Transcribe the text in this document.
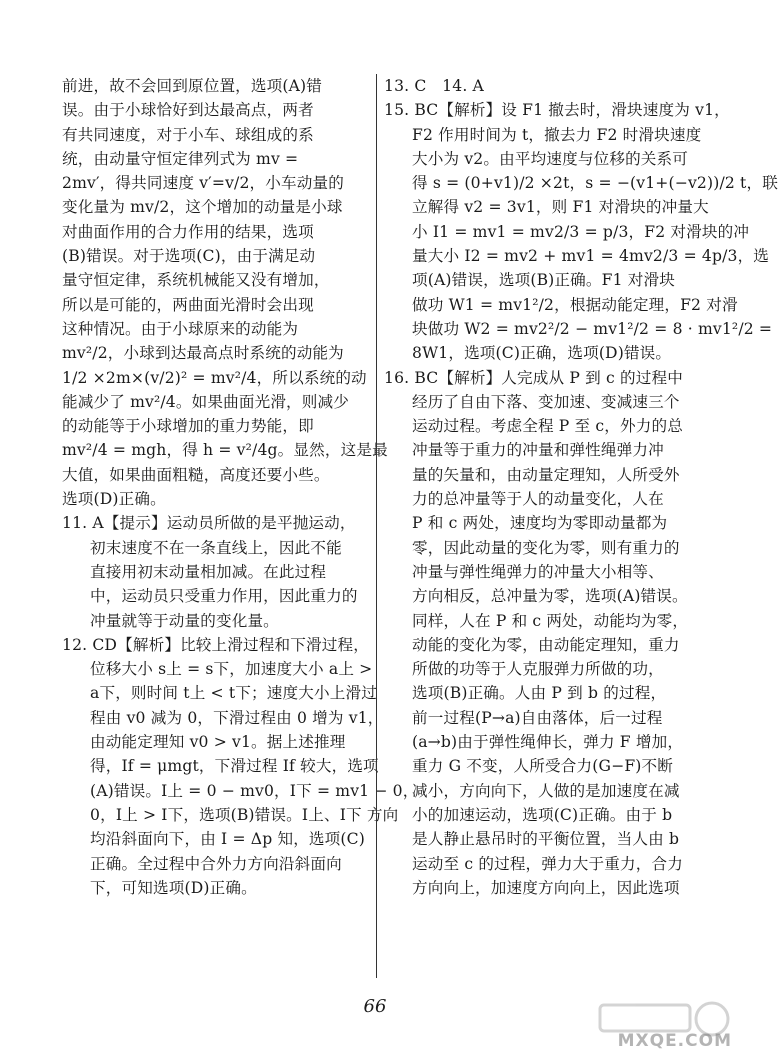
前进，故不会回到原位置，选项(A)错
误。由于小球恰好到达最高点，两者
有共同速度，对于小车、球组成的系
统，由动量守恒定律列式为 mv =
2mv′，得共同速度 v′=v/2，小车动量的
变化量为 mv/2，这个增加的动量是小球
对曲面作用的合力作用的结果，选项
(B)错误。对于选项(C)，由于满足动
量守恒定律，系统机械能又没有增加，
所以是可能的，两曲面光滑时会出现
这种情况。由于小球原来的动能为
mv²/2，小球到达最高点时系统的动能为
1/2 ×2m×(v/2)² = mv²/4，所以系统的动
能减少了 mv²/4。如果曲面光滑，则减少
的动能等于小球增加的重力势能，即
mv²/4 = mgh，得 h = v²/4g。显然，这是最
大值，如果曲面粗糙，高度还要小些。
选项(D)正确。
11. A【提示】运动员所做的是平抛运动，
初末速度不在一条直线上，因此不能
直接用初末动量相加减。在此过程
中，运动员只受重力作用，因此重力的
冲量就等于动量的变化量。
12. CD【解析】比较上滑过程和下滑过程，
位移大小 s上 = s下，加速度大小 a上 >
a下，则时间 t上 < t下；速度大小上滑过
程由 v0 减为 0，下滑过程由 0 增为 v1，
由动能定理知 v0 > v1。据上述推理
得，If = μmgt，下滑过程 If 较大，选项
(A)错误。I上 = 0 − mv0，I下 = mv1 − 0，
0，I上 > I下，选项(B)错误。I上、I下 方向
均沿斜面向下，由 I = Δp 知，选项(C)
正确。全过程中合外力方向沿斜面向
下，可知选项(D)正确。
13. C　14. A
15. BC【解析】设 F1 撤去时，滑块速度为 v1，
F2 作用时间为 t，撤去力 F2 时滑块速度
大小为 v2。由平均速度与位移的关系可
得 s = (0+v1)/2 ×2t，s = −(v1+(−v2))/2 t，联
立解得 v2 = 3v1，则 F1 对滑块的冲量大
小 I1 = mv1 = mv2/3 = p/3，F2 对滑块的冲
量大小 I2 = mv2 + mv1 = 4mv2/3 = 4p/3，选
项(A)错误，选项(B)正确。F1 对滑块
做功 W1 = mv1²/2，根据动能定理，F2 对滑
块做功 W2 = mv2²/2 − mv1²/2 = 8 · mv1²/2 =
8W1，选项(C)正确，选项(D)错误。
16. BC【解析】人完成从 P 到 c 的过程中
经历了自由下落、变加速、变减速三个
运动过程。考虑全程 P 至 c，外力的总
冲量等于重力的冲量和弹性绳弹力冲
量的矢量和，由动量定理知，人所受外
力的总冲量等于人的动量变化，人在
P 和 c 两处，速度均为零即动量都为
零，因此动量的变化为零，则有重力的
冲量与弹性绳弹力的冲量大小相等、
方向相反，总冲量为零，选项(A)错误。
同样，人在 P 和 c 两处，动能均为零，
动能的变化为零，由动能定理知，重力
所做的功等于人克服弹力所做的功，
选项(B)正确。人由 P 到 b 的过程，
前一过程(P→a)自由落体，后一过程
(a→b)由于弹性绳伸长，弹力 F 增加，
重力 G 不变，人所受合力(G−F)不断
减小，方向向下，人做的是加速度在减
小的加速运动，选项(C)正确。由于 b
是人静止悬吊时的平衡位置，当人由 b
运动至 c 的过程，弹力大于重力，合力
方向向上，加速度方向向上，因此选项
66
MXQE.COM
